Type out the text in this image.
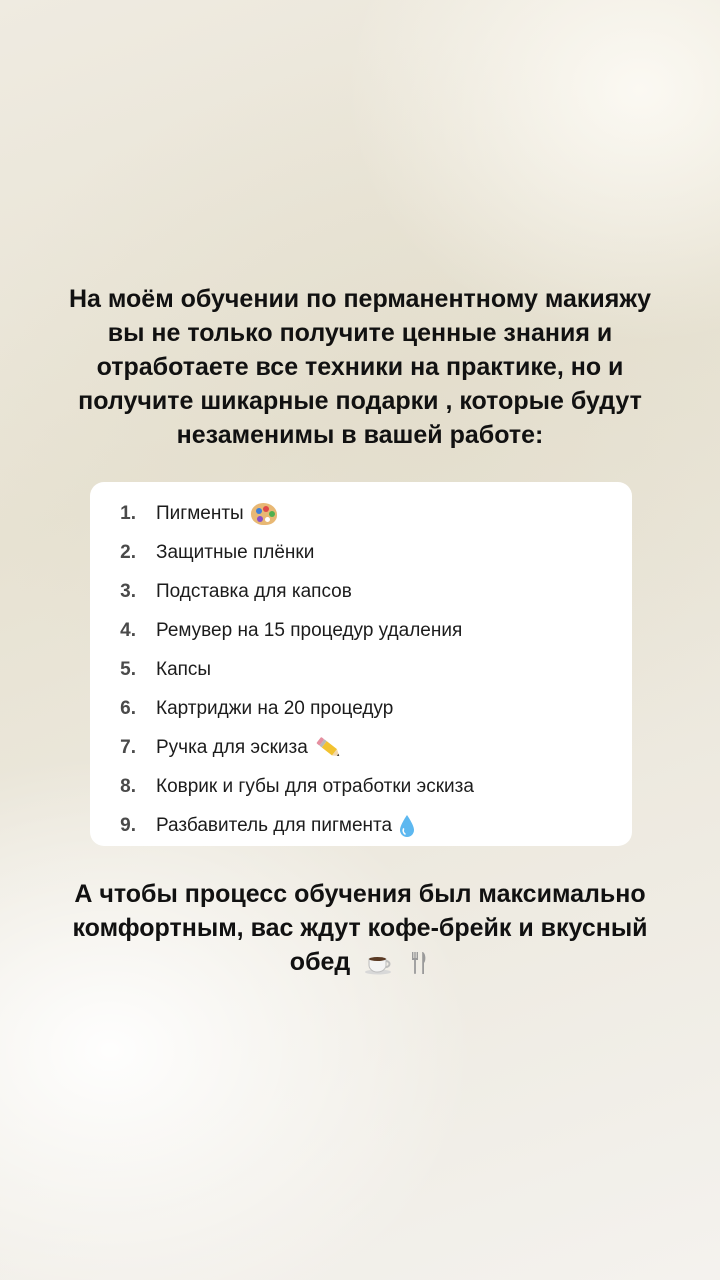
На моём обучении по перманентному макияжу
вы не только получите ценные знания и
отработаете все техники на практике, но и
получите шикарные подарки , которые будут
незаменимы в вашей работе:
1.	Пигменты
2.	Защитные плёнки
3.	Подставка для капсов
4.	Ремувер на 15 процедур удаления
5.	Капсы
6.	Картриджи на 20 процедур
7.	Ручка для эскиза
8.	Коврик и губы для отработки эскиза
9.	Разбавитель для пигмента
А чтобы процесс обучения был максимально
комфортным, вас ждут кофе-брейк и вкусный
обед
